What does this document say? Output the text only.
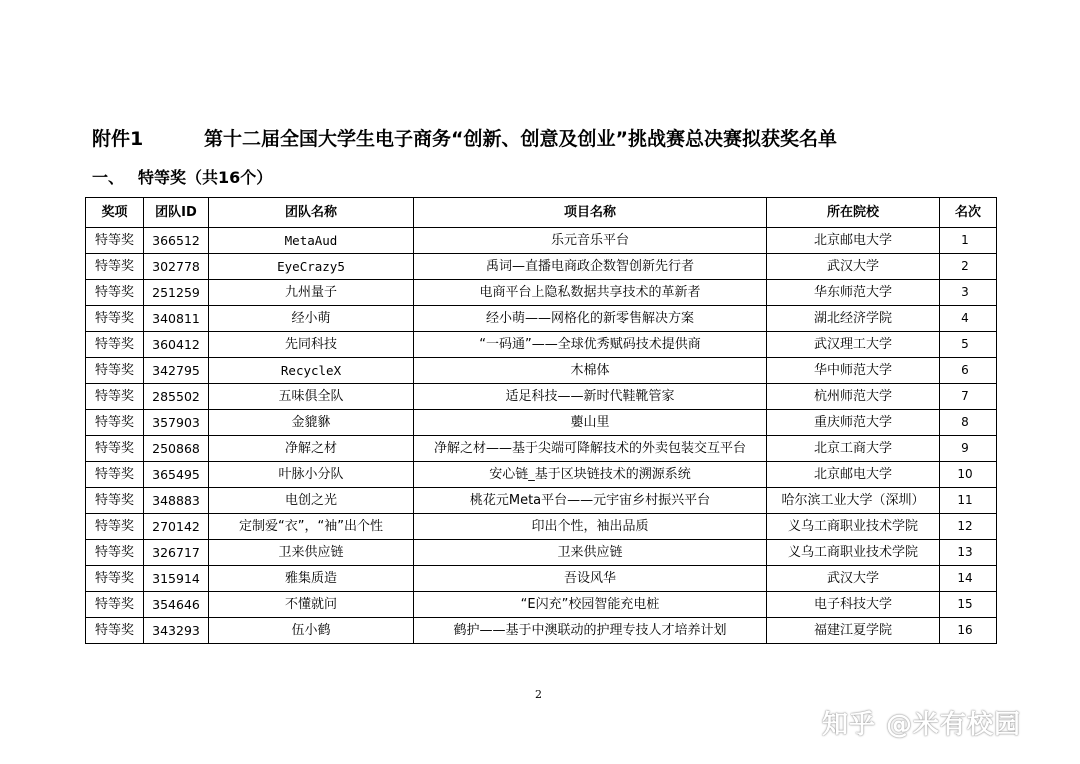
附件1	第十二届全国大学生电子商务“创新、创意及创业”挑战赛总决赛拟获奖名单
一、 特等奖（共16个）
奖项	团队ID	团队名称	项目名称	所在院校	名次
特等奖	366512	MetaAud	乐元音乐平台	北京邮电大学	1
特等奖	302778	EyeCrazy5	禹词—直播电商政企数智创新先行者	武汉大学	2
特等奖	251259	九州量子	电商平台上隐私数据共享技术的革新者	华东师范大学	3
特等奖	340811	经小萌	经小萌——网格化的新零售解决方案	湖北经济学院	4
特等奖	360412	先同科技	“一码通”——全球优秀赋码技术提供商	武汉理工大学	5
特等奖	342795	RecycleX	木棉体	华中师范大学	6
特等奖	285502	五味俱全队	适足科技——新时代鞋靴管家	杭州师范大学	7
特等奖	357903	金貔貅	蘡山里	重庆师范大学	8
特等奖	250868	净解之材	净解之材——基于尖端可降解技术的外卖包装交互平台	北京工商大学	9
特等奖	365495	叶脉小分队	安心链_基于区块链技术的溯源系统	北京邮电大学	10
特等奖	348883	电创之光	桃花元Meta平台——元宇宙乡村振兴平台	哈尔滨工业大学（深圳）	11
特等奖	270142	定制爱“衣”，“袖”出个性	印出个性，袖出品质	义乌工商职业技术学院	12
特等奖	326717	卫来供应链	卫来供应链	义乌工商职业技术学院	13
特等奖	315914	雅集质造	吾设风华	武汉大学	14
特等奖	354646	不懂就问	“E闪充”校园智能充电桩	电子科技大学	15
特等奖	343293	伍小鹤	鹤护——基于中澳联动的护理专技人才培养计划	福建江夏学院	16
2
知乎 @米有校园
